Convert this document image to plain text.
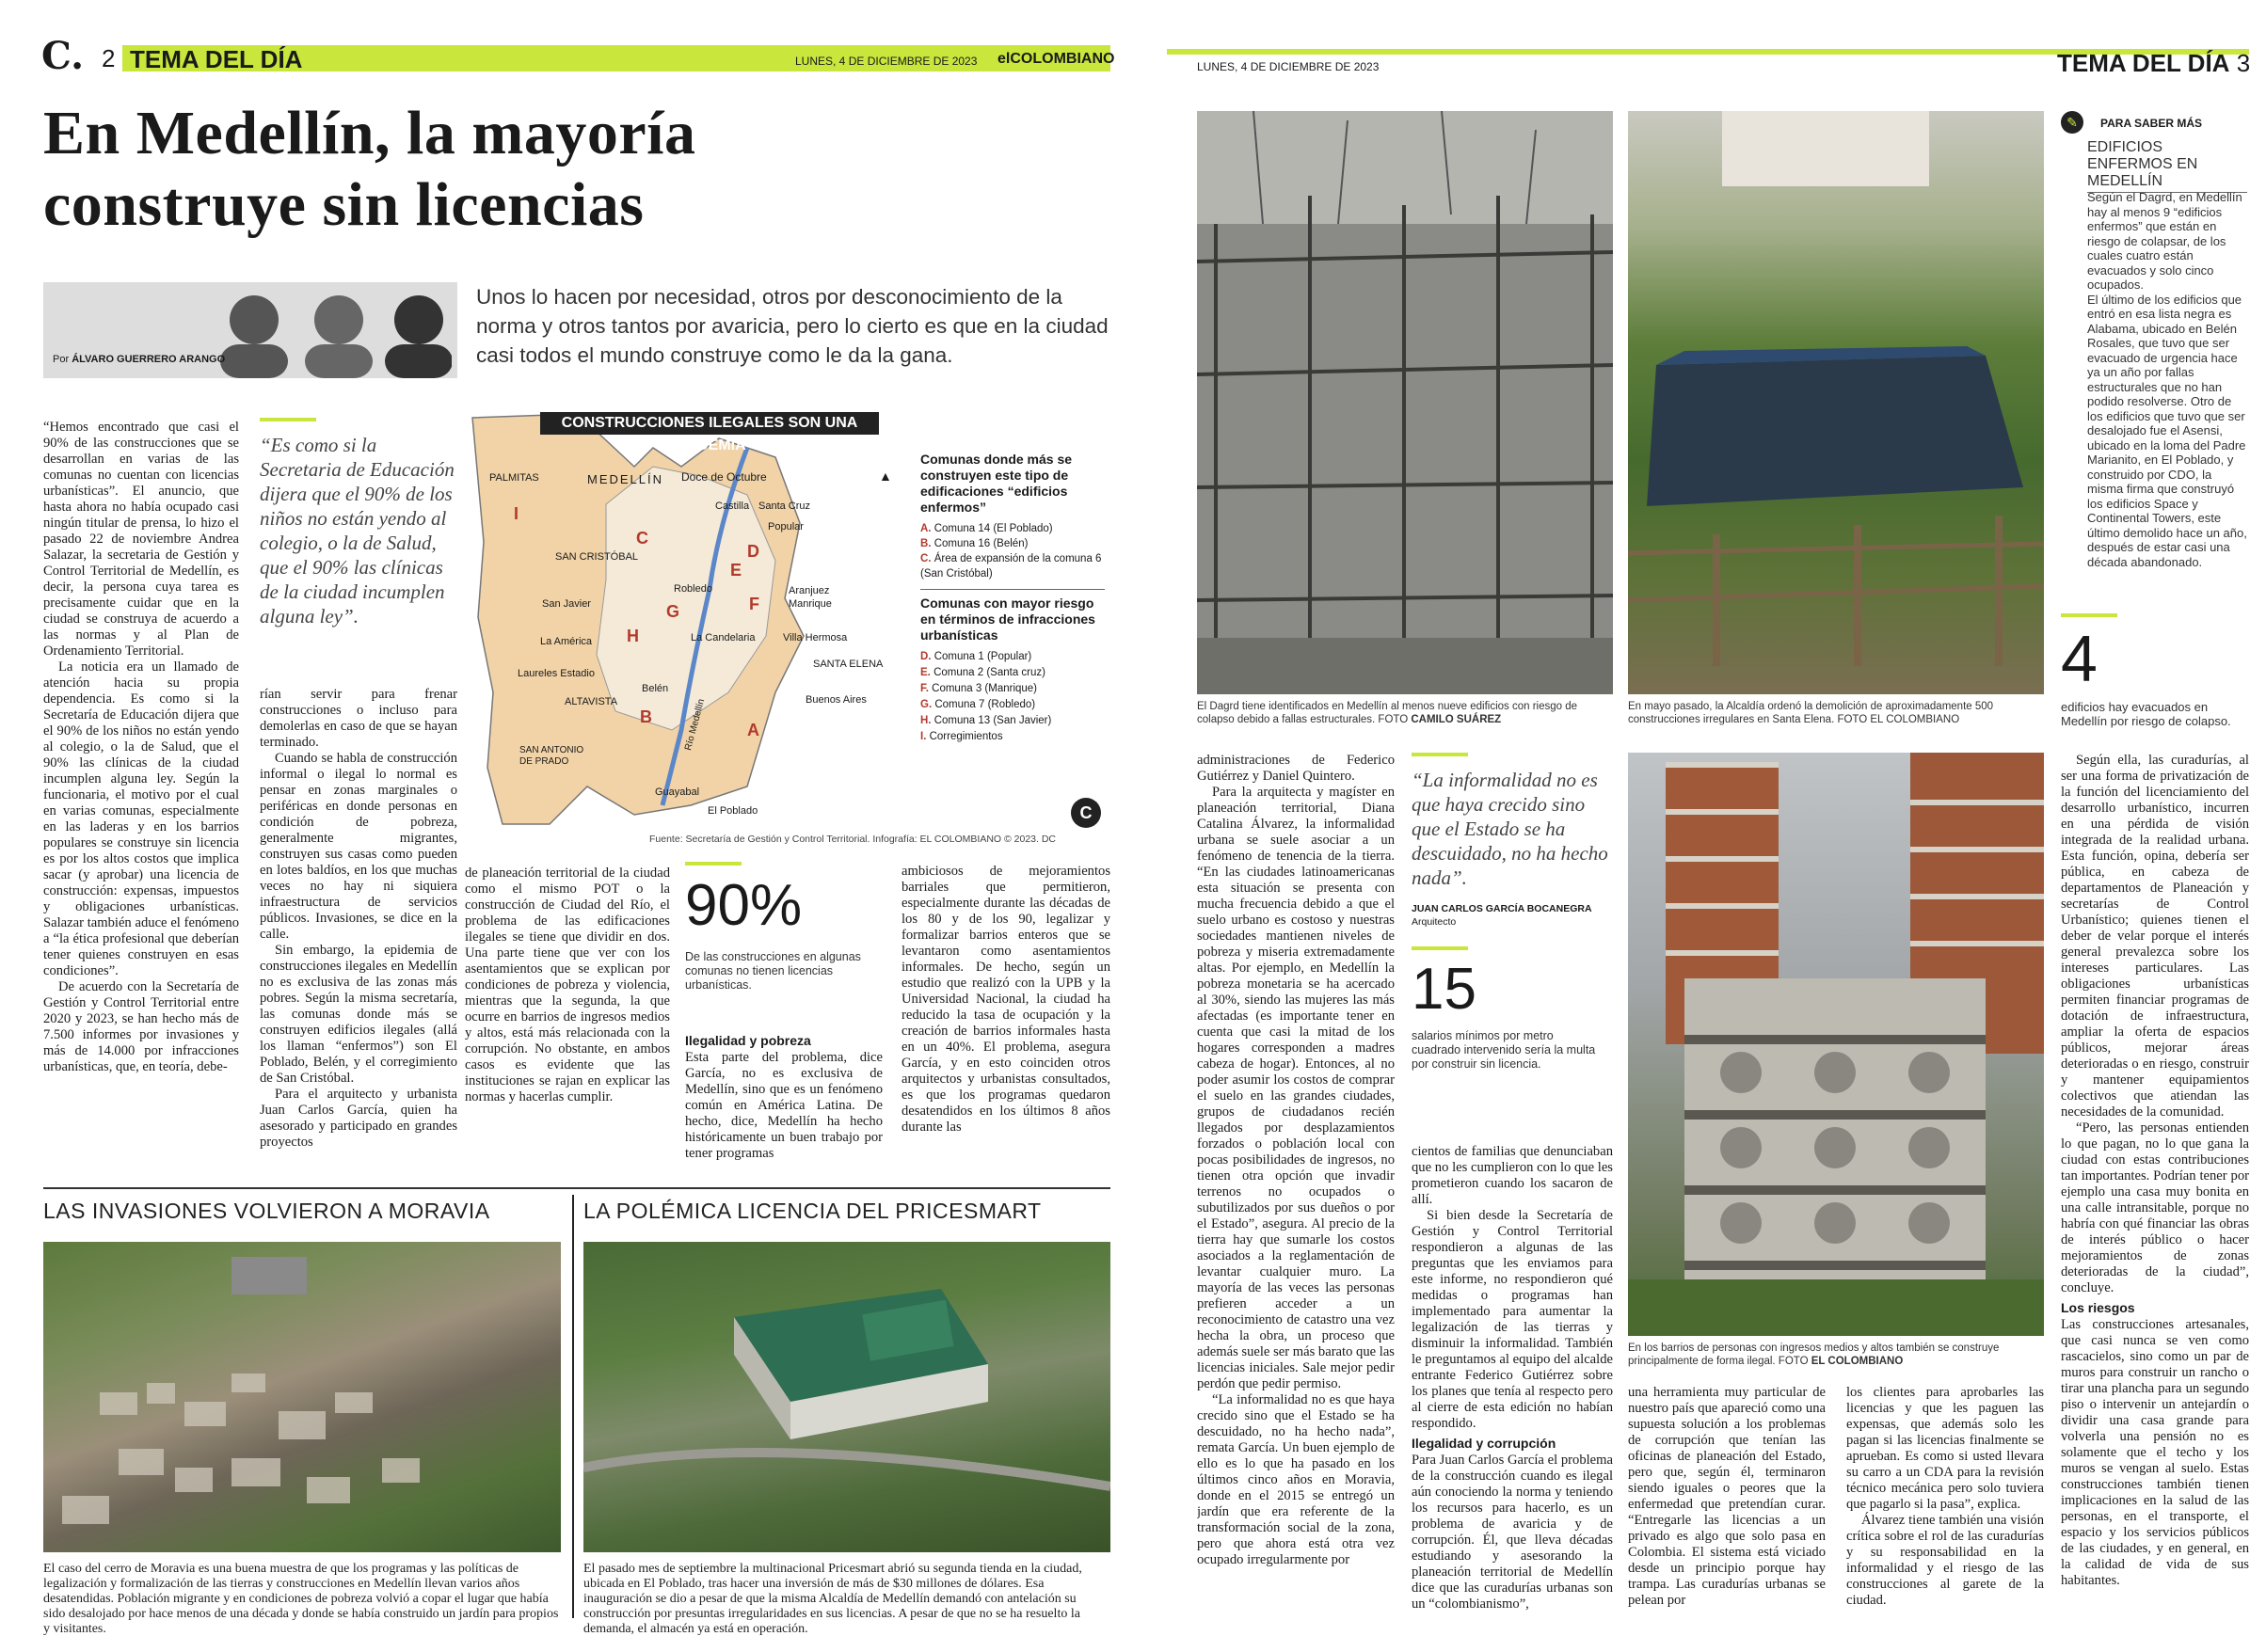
C. 2 TEMA DEL DÍA	LUNES, 4 DE DICIEMBRE DE 2023 elCOLOMBIANO
En Medellín, la mayoría construye sin licencias
Por ÁLVARO GUERRERO ARANGO
Unos lo hacen por necesidad, otros por desconocimiento de la norma y otros tantos por avaricia, pero lo cierto es que en la ciudad casi todos el mundo construye como le da la gana.

“Hemos encontrado que casi el 90% de las construcciones que se desarrollan en varias de las comunas no cuentan con licencias urbanísticas”. El anuncio, que hasta ahora no había ocupado casi ningún titular de prensa, lo hizo el pasado 22 de noviembre Andrea Salazar, la secretaria de Gestión y Control Territorial de Medellín, es decir, la persona cuya tarea es precisamente cuidar que en la ciudad se construya de acuerdo a las normas y al Plan de Ordenamiento Territorial.

La noticia era un llamado de atención hacia su propia dependencia. Es como si la Secretaría de Educación dijera que el 90% de los niños no están yendo al colegio, o la de Salud, que el 90% las clínicas de la ciudad incumplen alguna ley. Según la funcionaria, el motivo por el cual en varias comunas, especialmente en las laderas y en los barrios populares se construye sin licencia es por los altos costos que implica sacar (y aprobar) una licencia de construcción: expensas, impuestos y obligaciones urbanísticas. Salazar también aduce el fenómeno a “la ética profesional que deberían tener quienes construyen en esas condiciones”.

De acuerdo con la Secretaría de Gestión y Control Territorial entre 2020 y 2023, se han hecho más de 7.500 informes por invasiones y más de 14.000 por infracciones urbanísticas, que, en teoría, debe-

“Es como si la Secretaria de Educación dijera que el 90% de los niños no están yendo al colegio, o la de Salud, que el 90% las clínicas de la ciudad incumplen alguna ley”.

rían servir para frenar construcciones o incluso para demolerlas en caso de que se hayan terminado.

Cuando se habla de construcción informal o ilegal lo normal es pensar en zonas marginales o periféricas en donde personas en condición de pobreza, generalmente migrantes, construyen sus casas como pueden en lotes baldíos, en los que muchas veces no hay ni siquiera infraestructura de servicios públicos. Invasiones, se dice en la calle.

Sin embargo, la epidemia de construcciones ilegales en Medellín no es exclusiva de las zonas más pobres. Según la misma secretaría, las comunas donde más se construyen edificios ilegales (allá los llaman “enfermos”) son El Poblado, Belén, y el corregimiento de San Cristóbal.

Para el arquitecto y urbanista Juan Carlos García, quien ha asesorado y participado en grandes proyectos

CONSTRUCCIONES ILEGALES SON UNA EPIDEMIA
MEDELLÍN	▲
PALMITAS	Doce de Octubre
Castilla Santa Cruz
Popular
SAN CRISTÓBAL
Robledo	Aranjuez
Manrique
San Javier
La América	La Candelaria	Villa Hermosa
SANTA ELENA
Laureles Estadio
Belén
ALTAVISTA	Buenos Aires
SAN ANTONIO DE PRADO
Guayabal
El Poblado
Río Medellín A
B
C
D
E
F
G
H
I
Comunas donde más se construyen este tipo de edificaciones “edificios enfermos”
A. Comuna 14 (El Poblado)
B. Comuna 16 (Belén)
C. Área de expansión de la comuna 6 (San Cristóbal)
Comunas con mayor riesgo en términos de infracciones urbanísticas
D. Comuna 1 (Popular)
E. Comuna 2 (Santa cruz)
F. Comuna 3 (Manrique)
G. Comuna 7 (Robledo)
H. Comuna 13 (San Javier)
I. Corregimientos
C
Fuente: Secretaría de Gestión y Control Territorial. Infografía: EL COLOMBIANO © 2023. DC

de planeación territorial de la ciudad como el mismo POT o la construcción de Ciudad del Río, el problema de las edificaciones ilegales se tiene que dividir en dos. Una parte tiene que ver con los asentamientos que se explican por condiciones de pobreza y violencia, mientras que la segunda, la que ocurre en barrios de ingresos medios y altos, está más relacionada con la corrupción. No obstante, en ambos casos es evidente que las instituciones se rajan en explicar las normas y hacerlas cumplir.

90%
De las construcciones en algunas comunas no tienen licencias urbanísticas.
Ilegalidad y pobreza

Esta parte del problema, dice García, no es exclusiva de Medellín, sino que es un fenómeno común en América Latina. De hecho, dice, Medellín ha hecho históricamente un buen trabajo por tener programas

ambiciosos de mejoramientos barriales que permitieron, especialmente durante las décadas de los 80 y de los 90, legalizar y formalizar barrios enteros que se levantaron como asentamientos informales. De hecho, según un estudio que realizó con la UPB y la Universidad Nacional, la ciudad ha reducido la tasa de ocupación y la creación de barrios informales hasta en un 40%. El problema, asegura García, y en esto coinciden otros arquitectos y urbanistas consultados, es que los programas quedaron desatendidos en los últimos 8 años durante las

LAS INVASIONES VOLVIERON A MORAVIA	LA POLÉMICA LICENCIA DEL PRICESMART
El caso del cerro de Moravia es una buena muestra de que los programas y las políticas de legalización y formalización de las tierras y construcciones en Medellín llevan varios años desatendidas. Población migrante y en condiciones de pobreza volvió a copar el lugar que había sido desalojado por hace menos de una década y donde se había construido un jardín para propios y visitantes.
El pasado mes de septiembre la multinacional Pricesmart abrió su segunda tienda en la ciudad, ubicada en El Poblado, tras hacer una inversión de más de $30 millones de dólares. Esa inauguración se dio a pesar de que la misma Alcaldía de Medellín demandó con antelación su construcción por presuntas irregularidades en sus licencias. A pesar de que no se ha resuelto la demanda, el almacén ya está en operación.
LUNES, 4 DE DICIEMBRE DE 2023	TEMA DEL DÍA 3
El Dagrd tiene identificados en Medellín al menos nueve edificios con riesgo de colapso debido a fallas estructurales. FOTO CAMILO SUÁREZ
En mayo pasado, la Alcaldía ordenó la demolición de aproximadamente 500 construcciones irregulares en Santa Elena. FOTO EL COLOMBIANO
✎	PARA SABER MÁS
EDIFICIOS ENFERMOS EN MEDELLÍN

Según el Dagrd, en Medellín hay al menos 9 “edificios enfermos” que están en riesgo de colapsar, de los cuales cuatro están evacuados y solo cinco ocupados.

El último de los edificios que entró en esa lista negra es Alabama, ubicado en Belén Rosales, que tuvo que ser evacuado de urgencia hace ya un año por fallas estructurales que no han podido resolverse. Otro de los edificios que tuvo que ser desalojado fue el Asensi, ubicado en la loma del Padre Marianito, en El Poblado, y construido por CDO, la misma firma que construyó los edificios Space y Continental Towers, este último demolido hace un año, después de estar casi una década abandonado.

4
edificios hay evacuados en Medellín por riesgo de colapso.

administraciones de Federico Gutiérrez y Daniel Quintero.

Para la arquitecta y magíster en planeación territorial, Diana Catalina Álvarez, la informalidad urbana se suele asociar a un fenómeno de tenencia de la tierra. “En las ciudades latinoamericanas esta situación se presenta con mucha frecuencia debido a que el suelo urbano es costoso y nuestras sociedades mantienen niveles de pobreza y miseria extremadamente altas. Por ejemplo, en Medellín la pobreza monetaria se ha acercado al 30%, siendo las mujeres las más afectadas (es importante tener en cuenta que casi la mitad de los hogares corresponden a madres cabeza de hogar). Entonces, al no poder asumir los costos de comprar el suelo en las grandes ciudades, grupos de ciudadanos recién llegados por desplazamientos forzados o población local con pocas posibilidades de ingresos, no tienen otra opción que invadir terrenos no ocupados o subutilizados por sus dueños o por el Estado”, asegura. Al precio de la tierra hay que sumarle los costos asociados a la reglamentación de levantar cualquier muro. La mayoría de las veces las personas prefieren acceder a un reconocimiento de catastro una vez hecha la obra, un proceso que además suele ser más barato que las licencias iniciales. Sale mejor pedir perdón que pedir permiso.

“La informalidad no es que haya crecido sino que el Estado se ha descuidado, no ha hecho nada”, remata García. Un buen ejemplo de ello es lo que ha pasado en los últimos cinco años en Moravia, donde en el 2015 se entregó un jardín que era referente de la transformación social de la zona, pero que ahora está otra vez ocupado irregularmente por

“La informalidad no es que haya crecido sino que el Estado se ha descuidado, no ha hecho nada”.
JUAN CARLOS GARCÍA BOCANEGRA
Arquitecto
15
salarios mínimos por metro cuadrado intervenido sería la multa por construir sin licencia.

cientos de familias que denunciaban que no les cumplieron con lo que les prometieron cuando los sacaron de allí.

Si bien desde la Secretaría de Gestión y Control Territorial respondieron a algunas de las preguntas que les enviamos para este informe, no respondieron qué medidas o programas han implementado para aumentar la legalización de las tierras y disminuir la informalidad. También le preguntamos al equipo del alcalde entrante Federico Gutiérrez sobre los planes que tenía al respecto pero al cierre de esta edición no habían respondido.

Ilegalidad y corrupción

Para Juan Carlos García el problema de la construcción cuando es ilegal aún conociendo la norma y teniendo los recursos para hacerlo, es un problema de avaricia y de corrupción. Él, que lleva décadas estudiando y asesorando la planeación territorial de Medellín dice que las curadurías urbanas son un “colombianismo”,

En los barrios de personas con ingresos medios y altos también se construye principalmente de forma ilegal. FOTO EL COLOMBIANO

una herramienta muy particular de nuestro país que apareció como una supuesta solución a los problemas de corrupción que tenían las oficinas de planeación del Estado, pero que, según él, terminaron siendo iguales o peores que la enfermedad que pretendían curar. “Entregarle las licencias a un privado es algo que solo pasa en Colombia. El sistema está viciado desde un principio porque hay trampa. Las curadurías urbanas se pelean por

los clientes para aprobarles las licencias y que les paguen las expensas, que además solo les pagan si las licencias finalmente se aprueban. Es como si usted llevara su carro a un CDA para la revisión técnico mecánica pero solo tuviera que pagarlo si la pasa”, explica.

Álvarez tiene también una visión crítica sobre el rol de las curadurías y su responsabilidad en la informalidad y el riesgo de las construcciones al garete de la ciudad.

Según ella, las curadurías, al ser una forma de privatización de la función del licenciamiento del desarrollo urbanístico, incurren en una pérdida de visión integrada de la realidad urbana. Esta función, opina, debería ser pública, en cabeza de departamentos de Planeación y secretarías de Control Urbanístico; quienes tienen el deber de velar porque el interés general prevalezca sobre los intereses particulares. Las obligaciones urbanísticas permiten financiar programas de dotación de infraestructura, ampliar la oferta de espacios públicos, mejorar áreas deterioradas o en riesgo, construir y mantener equipamientos colectivos que atiendan las necesidades de la comunidad.

“Pero, las personas entienden lo que pagan, no lo que gana la ciudad con estas contribuciones tan importantes. Podrían tener por ejemplo una casa muy bonita en una calle intransitable, porque no habría con qué financiar las obras de interés público o hacer mejoramientos de zonas deterioradas de la ciudad”, concluye.

Los riesgos

Las construcciones artesanales, que casi nunca se ven como rascacielos, sino como un par de muros para construir un rancho o tirar una plancha para un segundo piso o intervenir un antejardín o dividir una casa grande para volverla una pensión no es solamente que el techo y los muros se vengan al suelo. Estas construcciones también tienen implicaciones en la salud de las personas, en el transporte, el espacio y los servicios públicos de las ciudades, y en general, en la calidad de vida de sus habitantes.
